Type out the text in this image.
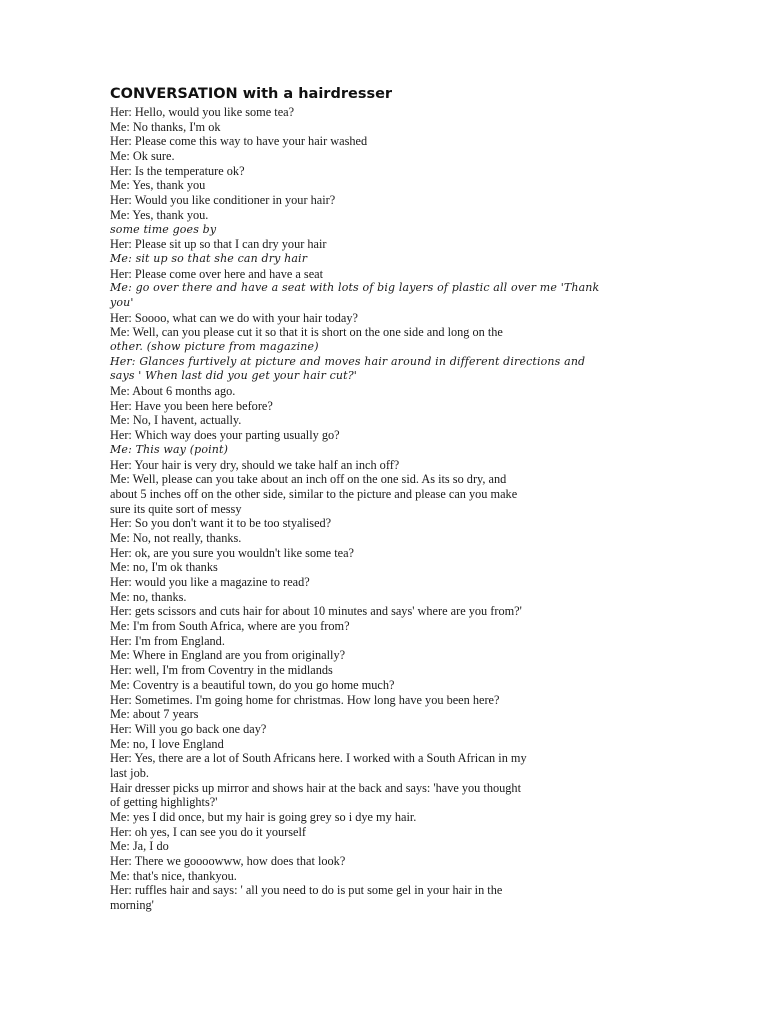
CONVERSATION with a hairdresser
Her: Hello, would you like some tea?
Me: No thanks, I'm ok
Her: Please come this way to have your hair washed
Me: Ok sure.
Her: Is the temperature ok?
Me: Yes, thank you
Her: Would you like conditioner in your hair?
Me: Yes, thank you.
some time goes by
Her: Please sit up so that I can dry your hair
Me: sit up so that she can dry hair
Her: Please come over here and have a seat
Me: go over there and have a seat with lots of big layers of plastic all over me 'Thank
you'
Her: Soooo, what can we do with your hair today?
Me: Well, can you please cut it so that it is short on the one side and long on the
other. (show picture from magazine)
Her: Glances furtively at picture and moves hair around in different directions and
says ' When last did you get your hair cut?'
Me: About 6 months ago.
Her: Have you been here before?
Me: No, I havent, actually.
Her: Which way does your parting usually go?
Me: This way (point)
Her: Your hair is very dry, should we take half an inch off?
Me: Well, please can you take about an inch off on the one sid. As its so dry, and
about 5 inches off on the other side, similar to the picture and please can you make
sure its quite sort of messy
Her: So you don't want it to be too styalised?
Me: No, not really, thanks.
Her: ok, are you sure you wouldn't like some tea?
Me: no, I'm ok thanks
Her: would you like a magazine to read?
Me: no, thanks.
Her: gets scissors and cuts hair for about 10 minutes and says' where are you from?'
Me: I'm from South Africa, where are you from?
Her: I'm from England.
Me: Where in England are you from originally?
Her: well, I'm from Coventry in the midlands
Me: Coventry is a beautiful town, do you go home much?
Her: Sometimes. I'm going home for christmas. How long have you been here?
Me: about 7 years
Her: Will you go back one day?
Me: no, I love England
Her: Yes, there are a lot of South Africans here. I worked with a South African in my
last job.
Hair dresser picks up mirror and shows hair at the back and says: 'have you thought
of getting highlights?'
Me: yes I did once, but my hair is going grey so i dye my hair.
Her: oh yes, I can see you do it yourself
Me: Ja, I do
Her: There we goooowww, how does that look?
Me: that's nice, thankyou.
Her: ruffles hair and says: ' all you need to do is put some gel in your hair in the
morning'
